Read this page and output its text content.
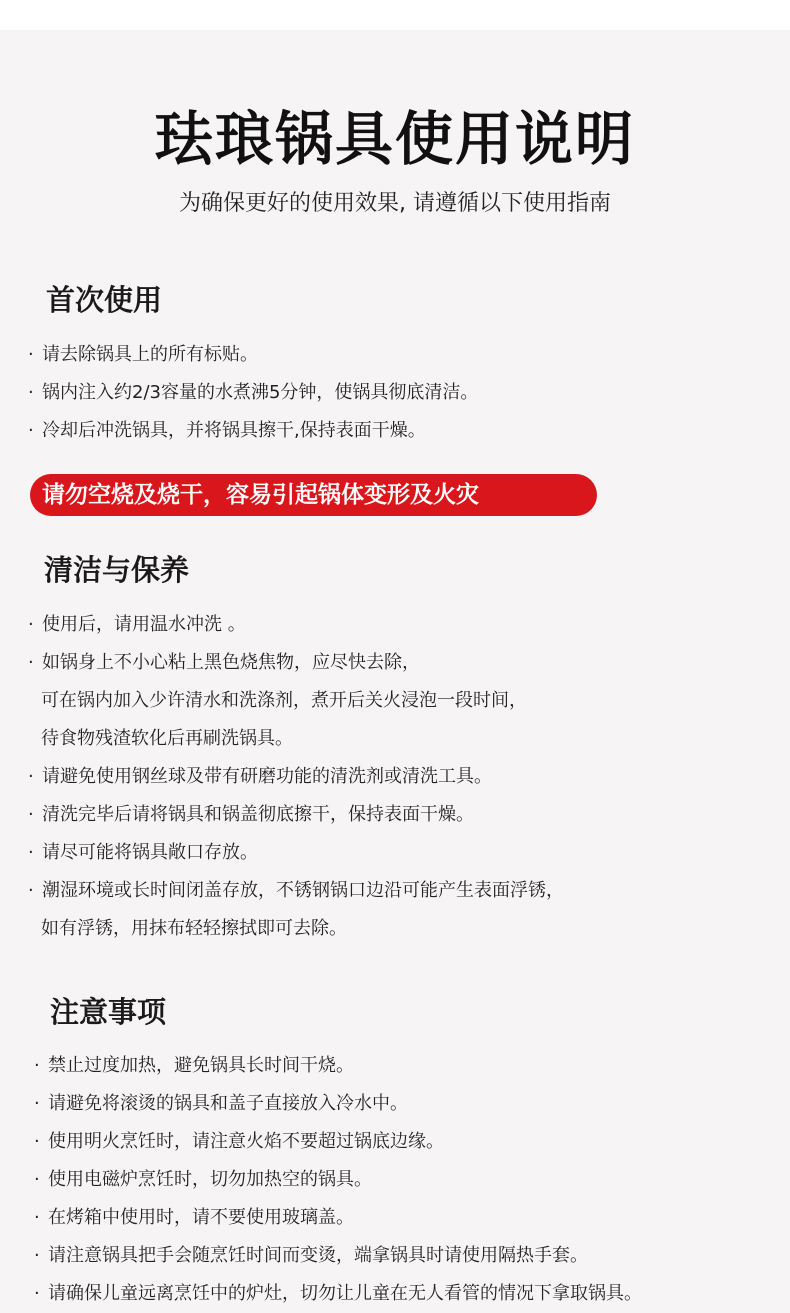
珐琅锅具使用说明
为确保更好的使用效果, 请遵循以下使用指南
首次使用
· 请去除锅具上的所有标贴。
· 锅内注入约2/3容量的水煮沸5分钟，使锅具彻底清洁。
· 冷却后冲洗锅具，并将锅具擦干,保持表面干燥。
请勿空烧及烧干，容易引起锅体变形及火灾
清洁与保养
· 使用后，请用温水冲洗 。
· 如锅身上不小心粘上黑色烧焦物，应尽快去除，
可在锅内加入少许清水和洗涤剂，煮开后关火浸泡一段时间，
待食物残渣软化后再刷洗锅具。
· 请避免使用钢丝球及带有研磨功能的清洗剂或清洗工具。
· 清洗完毕后请将锅具和锅盖彻底擦干，保持表面干燥。
· 请尽可能将锅具敞口存放。
· 潮湿环境或长时间闭盖存放，不锈钢锅口边沿可能产生表面浮锈，
如有浮锈，用抹布轻轻擦拭即可去除。
注意事项
· 禁止过度加热，避免锅具长时间干烧。
· 请避免将滚烫的锅具和盖子直接放入冷水中。
· 使用明火烹饪时，请注意火焰不要超过锅底边缘。
· 使用电磁炉烹饪时，切勿加热空的锅具。
· 在烤箱中使用时，请不要使用玻璃盖。
· 请注意锅具把手会随烹饪时间而变烫，端拿锅具时请使用隔热手套。
· 请确保儿童远离烹饪中的炉灶，切勿让儿童在无人看管的情况下拿取锅具。
